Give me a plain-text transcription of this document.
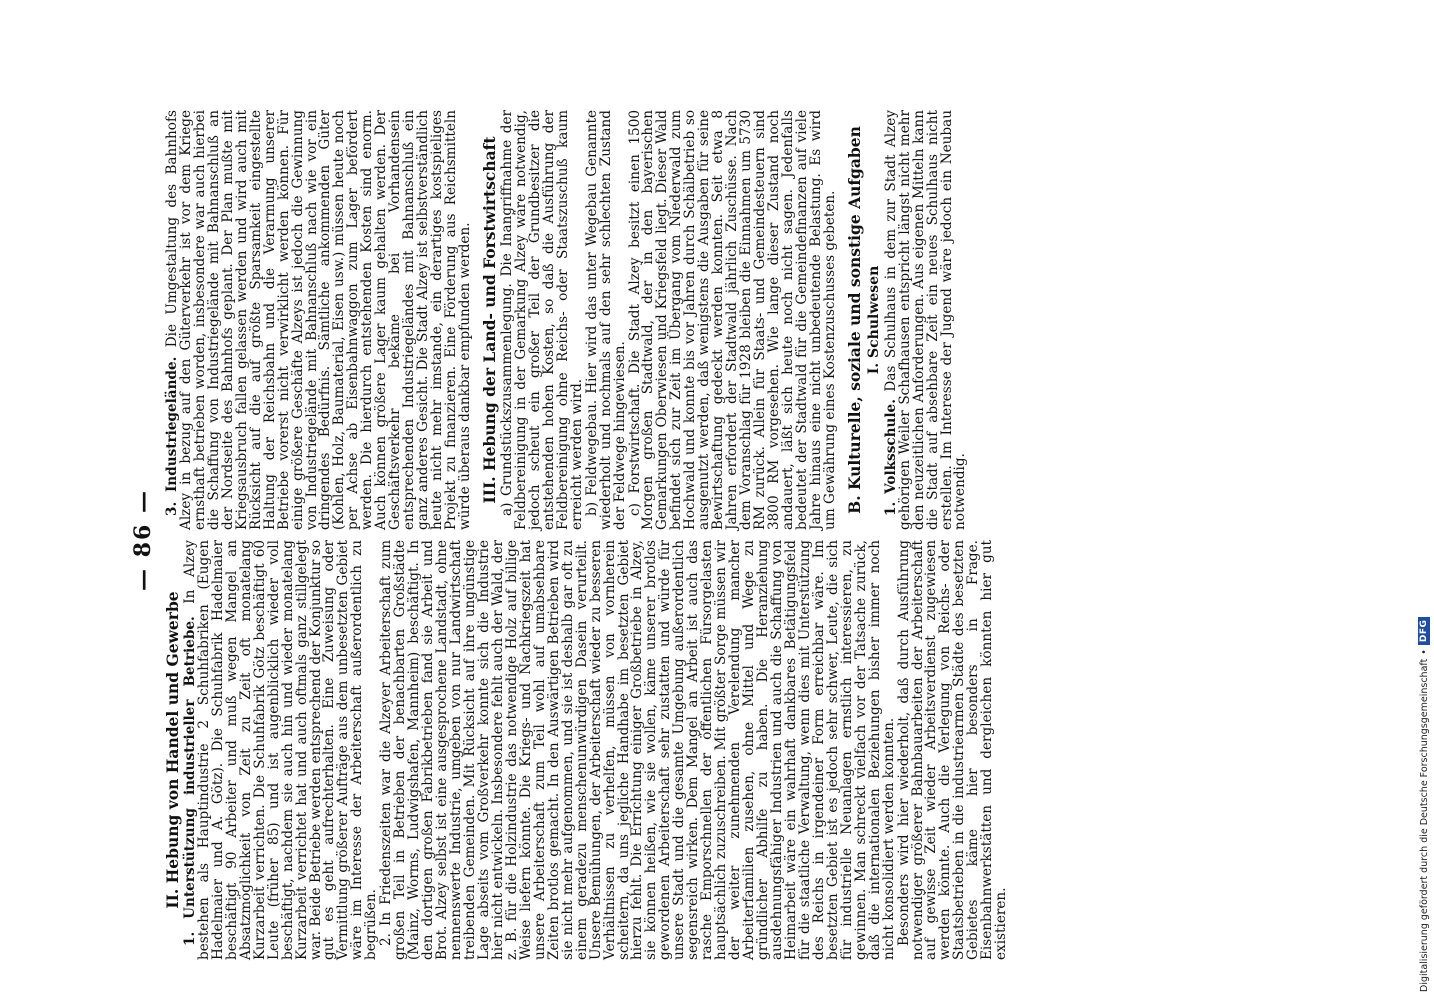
— 86 —
II. Hebung von Handel und Gewerbe 1. Unterstützung industrieller Betriebe. In Alzey bestehen als Hauptindustrie 2 Schuhfabriken (Eugen Hadelmaier und A. Götz). Die Schuhfabrik Hadelmaier beschäftigt 90 Arbeiter und muß wegen Mangel an Absatzmöglichkeit von Zeit zu Zeit oft monatelang Kurzarbeit verrichten. Die Schuhfabrik Götz beschäftigt 60 Leute (früher 85) und ist augenblicklich wieder voll beschäftigt, nachdem sie auch hin und wieder monatelang Kurzarbeit verrichtet hat und auch oftmals ganz stillgelegt war. Beide Betriebe werden entsprechend der Konjunktur so gut es geht aufrechterhalten. Eine Zuweisung oder Vermittlung größerer Aufträge aus dem unbesetzten Gebiet wäre im Interesse der Arbeiterschaft außerordentlich zu begrüßen.

2. In Friedenszeiten war die Alzeyer Arbeiterschaft zum großen Teil in Betrieben der benachbarten Großstädte (Mainz, Worms, Ludwigshafen, Mannheim) beschäftigt. In den dortigen großen Fabrikbetrieben fand sie Arbeit und Brot. Alzey selbst ist eine ausgesprochene Landstadt, ohne nennenswerte Industrie, umgeben von nur Landwirtschaft treibenden Gemeinden. Mit Rücksicht auf ihre ungünstige Lage abseits vom Großverkehr konnte sich die Industrie hier nicht entwickeln. Insbesondere fehlt auch der Wald, der z. B. für die Holzindustrie das notwendige Holz auf billige Weise liefern könnte. Die Kriegs- und Nachkriegszeit hat unsere Arbeiterschaft zum Teil wohl auf umabsehbare Zeiten brotlos gemacht. In den Auswärtigen Betrieben wird sie nicht mehr aufgenommen, und sie ist deshalb gar oft zu einem geradezu menschenunwürdigen Dasein verurteilt. Unsere Bemühungen, der Arbeiterschaft wieder zu besseren Verhältnissen zu verhelfen, müssen von vornherein scheitern, da uns jegliche Handhabe im besetzten Gebiet hierzu fehlt. Die Errichtung einiger Großbetriebe in Alzey, sie können heißen, wie sie wollen, käme unserer brotlos gewordenen Arbeiterschaft sehr zustatten und würde für unsere Stadt und die gesamte Umgebung außerordentlich segensreich wirken. Dem Mangel an Arbeit ist auch das rasche Emporschnellen der öffentlichen Fürsorgelasten hauptsächlich zuzuschreiben. Mit größter Sorge müssen wir der weiter zunehmenden Verelendung mancher Arbeiterfamilien zusehen, ohne Mittel und Wege zu gründlicher Abhilfe zu haben. Die Heranziehung ausdehnungsfähiger Industrien und auch die Schaffung von Heimarbeit wäre ein wahrhaft dankbares Betätigungsfeld für die staatliche Verwaltung, wenn dies mit Unterstützung des Reichs in irgendeiner Form erreichbar wäre. Im besetzten Gebiet ist es jedoch sehr schwer, Leute, die sich für industrielle Neuanlagen ernstlich interessieren, zu gewinnen. Man schreckt vielfach vor der Tatsache zurück, daß die internationalen Beziehungen bisher immer noch nicht konsolidiert werden konnten.

Besonders wird hier wiederholt, daß durch Ausführung notwendiger größerer Bahnbauarbeiten der Arbeiterschaft auf gewisse Zeit wieder Arbeitsverdienst zugewiesen werden könnte. Auch die Verlegung von Reichs- oder Staatsbetrieben in die industriearmen Städte des besetzten Gebietes käme hier besonders in Frage. Eisenbahnwerkstätten und dergleichen könnten hier gut existieren.

3. Industriegelände. Die Umgestaltung des Bahnhofs Alzey in bezug auf den Güterverkehr ist vor dem Kriege ernsthaft betrieben worden, insbesondere war auch hierbei die Schaffung von Industriegelände mit Bahnanschluß an der Nordseite des Bahnhofs geplant. Der Plan mußte mit Kriegsausbruch fallen gelassen werden und wird auch mit Rücksicht auf die auf größte Sparsamkeit eingestellte Haltung der Reichsbahn und die Verarmung unserer Betriebe vorerst nicht verwirklicht werden können. Für einige größere Geschäfte Alzeys ist jedoch die Gewinnung von Industriegelände mit Bahnanschluß nach wie vor ein dringendes Bedürfnis. Sämtliche ankommenden Güter (Kohlen, Holz, Baumaterial, Eisen usw.) müssen heute noch per Achse ab Eisenbahnwaggon zum Lager befördert werden. Die hierdurch entstehenden Kosten sind enorm. Auch können größere Lager kaum gehalten werden. Der Geschäftsverkehr bekäme bei Vorhandensein entsprechenden Industriegeländes mit Bahnanschluß ein ganz anderes Gesicht. Die Stadt Alzey ist selbstverständlich heute nicht mehr imstande, ein derartiges kostspieliges Projekt zu finanzieren. Eine Förderung aus Reichsmitteln würde überaus dankbar empfunden werden. III. Hebung der Land- und Forstwirtschaft a) Grundstückszusammenlegung. Die Inangriffnahme der Feldbereinigung in der Gemarkung Alzey wäre notwendig, jedoch scheut ein großer Teil der Grundbesitzer die entstehenden hohen Kosten, so daß die Ausführung der Feldbereinigung ohne Reichs- oder Staatszuschuß kaum erreicht werden wird.

b) Feldwegebau. Hier wird das unter Wegebau Genannte wiederholt und nochmals auf den sehr schlechten Zustand der Feldwege hingewiesen.

c) Forstwirtschaft. Die Stadt Alzey besitzt einen 1500 Morgen großen Stadtwald, der in den bayerischen Gemarkungen Oberwiesen und Kriegsfeld liegt. Dieser Wald befindet sich zur Zeit im Übergang vom Niederwald zum Hochwald und konnte bis vor Jahren durch Schälbetrieb so ausgenutzt werden, daß wenigstens die Ausgaben für seine Bewirtschaftung gedeckt werden konnten. Seit etwa 8 Jahren erfordert der Stadtwald jährlich Zuschüsse. Nach dem Voranschlag für 1928 bleiben die Einnahmen um 5730 RM zurück. Allein für Staats- und Gemeindesteuern sind 3800 RM vorgesehen. Wie lange dieser Zustand noch andauert, läßt sich heute noch nicht sagen. Jedenfalls bedeutet der Stadtwald für die Gemeindefinanzen auf viele Jahre hinaus eine nicht unbedeutende Belastung. Es wird um Gewährung eines Kostenzuschusses gebeten. B. Kulturelle, soziale und sonstige Aufgaben I. Schulwesen

1. Volksschule. Das Schulhaus in dem zur Stadt Alzey gehörigen Weiler Schafhausen entspricht längst nicht mehr den neuzeitlichen Anforderungen. Aus eigenen Mitteln kann die Stadt auf absehbare Zeit ein neues Schulhaus nicht erstellen. Im Interesse der Jugend wäre jedoch ein Neubau notwendig.

Digitalisierung gefördert durch die Deutsche Forschungsgemeinschaft
•
DFG
